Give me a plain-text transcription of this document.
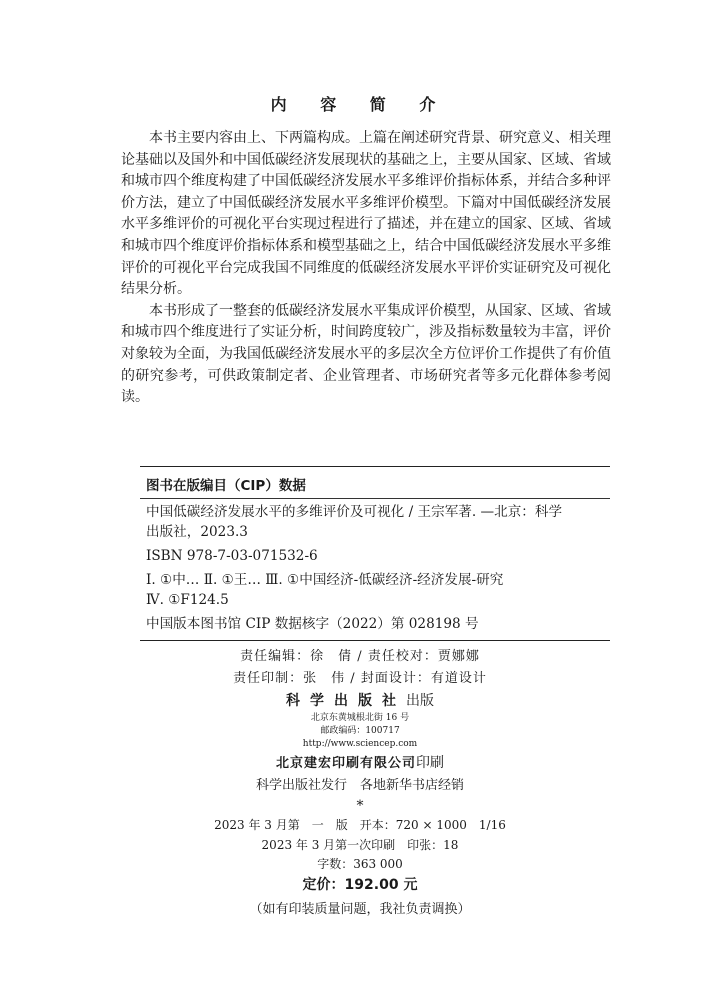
内 容 简 介

本书主要内容由上、下两篇构成。上篇在阐述研究背景、研究意义、相关理论基础以及国外和中国低碳经济发展现状的基础之上，主要从国家、区域、省域和城市四个维度构建了中国低碳经济发展水平多维评价指标体系，并结合多种评价方法，建立了中国低碳经济发展水平多维评价模型。下篇对中国低碳经济发展水平多维评价的可视化平台实现过程进行了描述，并在建立的国家、区域、省域和城市四个维度评价指标体系和模型基础之上，结合中国低碳经济发展水平多维评价的可视化平台完成我国不同维度的低碳经济发展水平评价实证研究及可视化结果分析。

本书形成了一整套的低碳经济发展水平集成评价模型，从国家、区域、省域和城市四个维度进行了实证分析，时间跨度较广，涉及指标数量较为丰富，评价对象较为全面，为我国低碳经济发展水平的多层次全方位评价工作提供了有价值的研究参考，可供政策制定者、企业管理者、市场研究者等多元化群体参考阅读。

图书在版编目（CIP）数据
中国低碳经济发展水平的多维评价及可视化 / 王宗军著. —北京：科学
出版社，2023.3
ISBN 978-7-03-071532-6
Ⅰ. ①中… Ⅱ. ①王… Ⅲ. ①中国经济-低碳经济-经济发展-研究
Ⅳ. ①F124.5
中国版本图书馆 CIP 数据核字（2022）第 028198 号
责任编辑：徐　倩 / 责任校对：贾娜娜
责任印制：张　伟 / 封面设计：有道设计
科学出版社出版
北京东黄城根北街 16 号
邮政编码：100717
http://www.sciencep.com
北京建宏印刷有限公司印刷
科学出版社发行　各地新华书店经销
*
2023 年 3 月第　一　版　开本：720 × 1000　1/16
2023 年 3 月第一次印刷　印张：18
字数：363 000
定价：192.00 元
（如有印装质量问题，我社负责调换）
